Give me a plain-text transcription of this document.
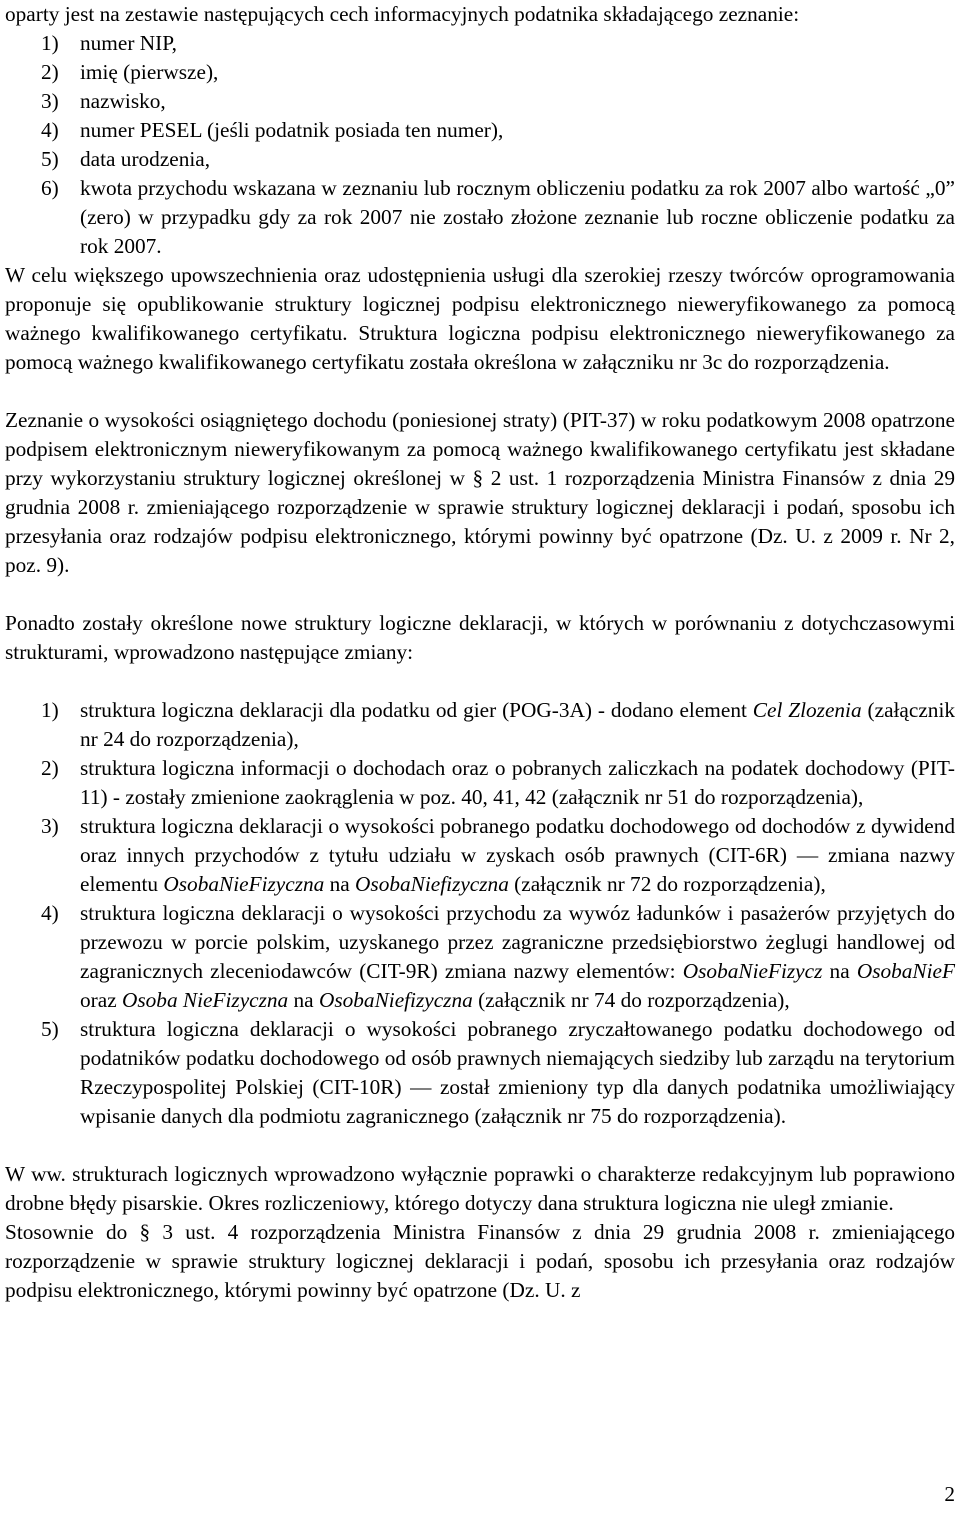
oparty jest na zestawie następujących cech informacyjnych podatnika składającego zeznanie:

1) numer NIP,
2) imię (pierwsze),
3) nazwisko,
4) numer PESEL (jeśli podatnik posiada ten numer),
5) data urodzenia,
6) kwota przychodu wskazana w zeznaniu lub rocznym obliczeniu podatku za rok 2007 albo wartość „0” (zero) w przypadku gdy za rok 2007 nie zostało złożone zeznanie lub roczne obliczenie podatku za rok 2007.

W celu większego upowszechnienia oraz udostępnienia usługi dla szerokiej rzeszy twórców oprogramowania proponuje się opublikowanie struktury logicznej podpisu elektronicznego nieweryfikowanego za pomocą ważnego kwalifikowanego certyfikatu. Struktura logiczna podpisu elektronicznego nieweryfikowanego za pomocą ważnego kwalifikowanego certyfikatu została określona w załączniku nr 3c do rozporządzenia.

Zeznanie o wysokości osiągniętego dochodu (poniesionej straty) (PIT-37) w roku podatkowym 2008 opatrzone podpisem elektronicznym nieweryfikowanym za pomocą ważnego kwalifikowanego certyfikatu jest składane przy wykorzystaniu struktury logicznej określonej w § 2 ust. 1 rozporządzenia Ministra Finansów z dnia 29 grudnia 2008 r. zmieniającego rozporządzenie w sprawie struktury logicznej deklaracji i podań, sposobu ich przesyłania oraz rodzajów podpisu elektronicznego, którymi powinny być opatrzone (Dz. U. z 2009 r. Nr 2, poz. 9).

Ponadto zostały określone nowe struktury logiczne deklaracji, w których w porównaniu z dotychczasowymi strukturami, wprowadzono następujące zmiany:

1) struktura logiczna deklaracji dla podatku od gier (POG-3A) - dodano element Cel Zlozenia (załącznik nr 24 do rozporządzenia),
2) struktura logiczna informacji o dochodach oraz o pobranych zaliczkach na podatek dochodowy (PIT-11) - zostały zmienione zaokrąglenia w poz. 40, 41, 42 (załącznik nr 51 do rozporządzenia),
3) struktura logiczna deklaracji o wysokości pobranego podatku dochodowego od dochodów z dywidend oraz innych przychodów z tytułu udziału w zyskach osób prawnych (CIT-6R) — zmiana nazwy elementu OsobaNieFizyczna na OsobaNiefizyczna (załącznik nr 72 do rozporządzenia),
4) struktura logiczna deklaracji o wysokości przychodu za wywóz ładunków i pasażerów przyjętych do przewozu w porcie polskim, uzyskanego przez zagraniczne przedsiębiorstwo żeglugi handlowej od zagranicznych zleceniodawców (CIT-9R) zmiana nazwy elementów: OsobaNieFizycz na OsobaNieF oraz Osoba NieFizyczna na OsobaNiefizyczna (załącznik nr 74 do rozporządzenia),
5) struktura logiczna deklaracji o wysokości pobranego zryczałtowanego podatku dochodowego od podatników podatku dochodowego od osób prawnych niemających siedziby lub zarządu na terytorium Rzeczypospolitej Polskiej (CIT-10R) — został zmieniony typ dla danych podatnika umożliwiający wpisanie danych dla podmiotu zagranicznego (załącznik nr 75 do rozporządzenia).

W ww. strukturach logicznych wprowadzono wyłącznie poprawki o charakterze redakcyjnym lub poprawiono drobne błędy pisarskie. Okres rozliczeniowy, którego dotyczy dana struktura logiczna nie uległ zmianie.

Stosownie do § 3 ust. 4 rozporządzenia Ministra Finansów z dnia 29 grudnia 2008 r. zmieniającego rozporządzenie w sprawie struktury logicznej deklaracji i podań, sposobu ich przesyłania oraz rodzajów podpisu elektronicznego, którymi powinny być opatrzone (Dz. U. z

2
